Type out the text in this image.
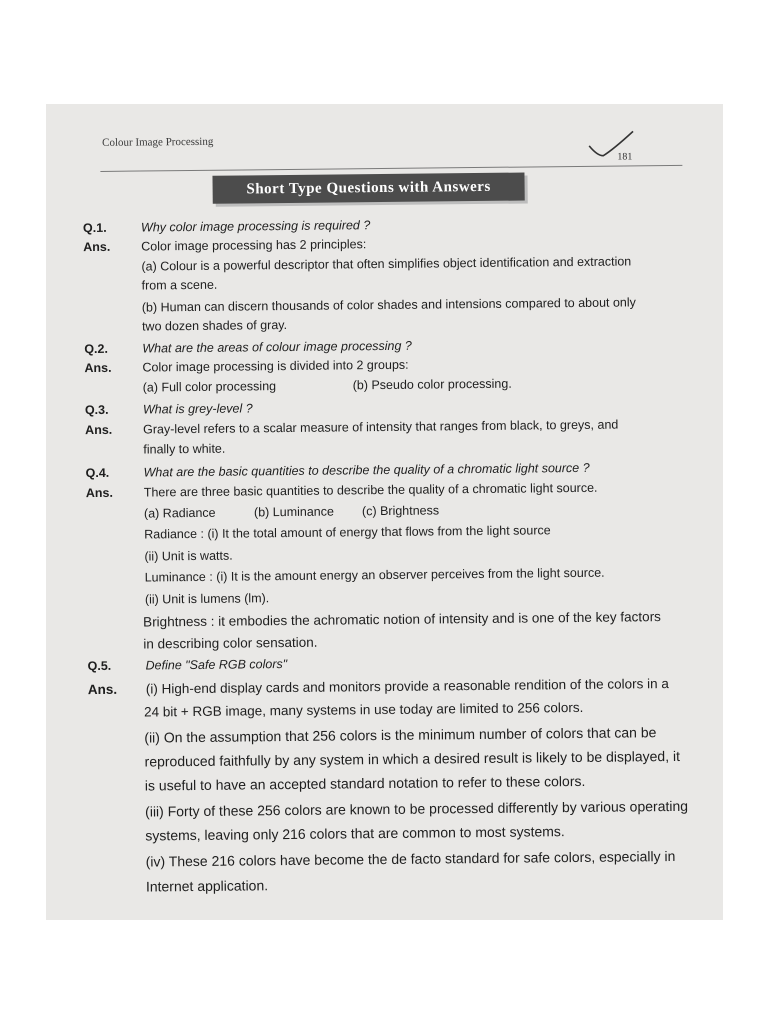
Colour Image Processing
181
Short Type Questions with Answers
Q.1.	Why color image processing is required ?
Ans.	Color image processing has 2 principles:
(a) Colour is a powerful descriptor that often simplifies object identification and extraction
from a scene.
(b) Human can discern thousands of color shades and intensions compared to about only
two dozen shades of gray.
Q.2.	What are the areas of colour image processing ?
Ans.	Color image processing is divided into 2 groups:
(a) Full color processing	(b) Pseudo color processing.
Q.3.	What is grey-level ?
Ans.	Gray-level refers to a scalar measure of intensity that ranges from black, to greys, and
finally to white.
Q.4.	What are the basic quantities to describe the quality of a chromatic light source ?
Ans.	There are three basic quantities to describe the quality of a chromatic light source.
(a) Radiance	(b) Luminance (c) Brightness
Radiance : (i) It the total amount of energy that flows from the light source
(ii) Unit is watts.
Luminance : (i) It is the amount energy an observer perceives from the light source.
(ii) Unit is lumens (lm).
Brightness : it embodies the achromatic notion of intensity and is one of the key factors
in describing color sensation.
Q.5.	Define "Safe RGB colors"
Ans.	(i) High-end display cards and monitors provide a reasonable rendition of the colors in a
24 bit + RGB image, many systems in use today are limited to 256 colors.
(ii) On the assumption that 256 colors is the minimum number of colors that can be
reproduced faithfully by any system in which a desired result is likely to be displayed, it
is useful to have an accepted standard notation to refer to these colors.
(iii) Forty of these 256 colors are known to be processed differently by various operating
systems, leaving only 216 colors that are common to most systems.
(iv) These 216 colors have become the de facto standard for safe colors, especially in
Internet application.
